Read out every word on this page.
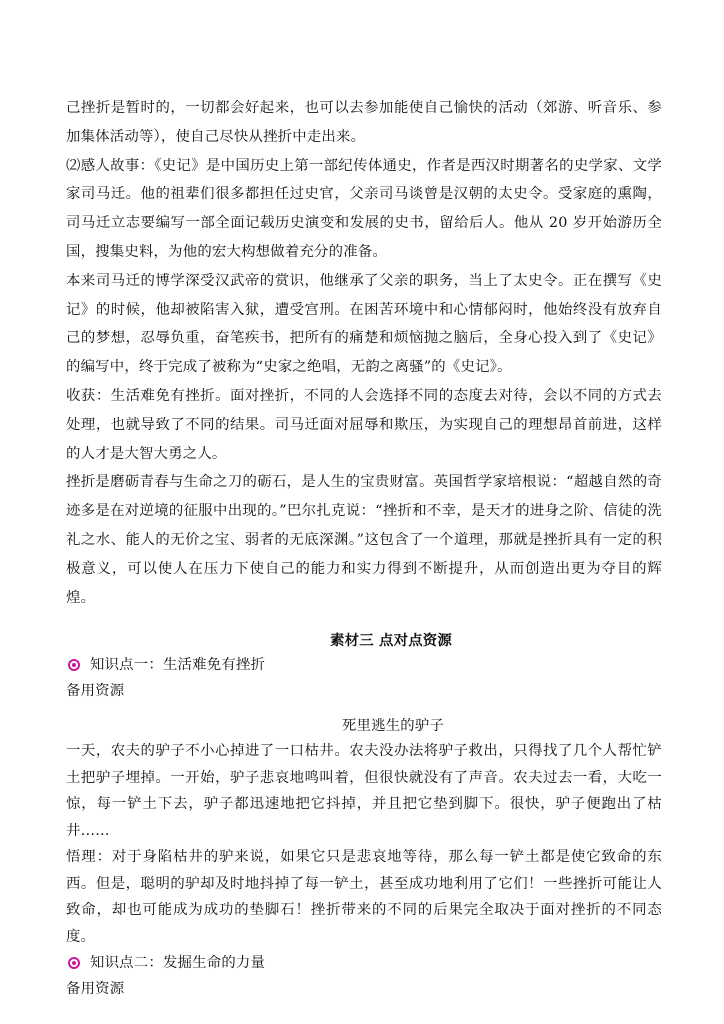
己挫折是暂时的，一切都会好起来，也可以去参加能使自己愉快的活动（郊游、听音乐、参加集体活动等），使自己尽快从挫折中走出来。

⑵感人故事：《史记》是中国历史上第一部纪传体通史，作者是西汉时期著名的史学家、文学家司马迁。他的祖辈们很多都担任过史官，父亲司马谈曾是汉朝的太史令。受家庭的熏陶，司马迁立志要编写一部全面记载历史演变和发展的史书，留给后人。他从 20 岁开始游历全国，搜集史料，为他的宏大构想做着充分的准备。

本来司马迁的博学深受汉武帝的赏识，他继承了父亲的职务，当上了太史令。正在撰写《史记》的时候，他却被陷害入狱，遭受宫刑。在困苦环境中和心情郁闷时，他始终没有放弃自己的梦想，忍辱负重，奋笔疾书，把所有的痛楚和烦恼抛之脑后，全身心投入到了《史记》的编写中，终于完成了被称为“史家之绝唱，无韵之离骚”的《史记》。

收获：生活难免有挫折。面对挫折，不同的人会选择不同的态度去对待，会以不同的方式去处理，也就导致了不同的结果。司马迁面对屈辱和欺压，为实现自己的理想昂首前进，这样的人才是大智大勇之人。

挫折是磨砺青春与生命之刀的砺石，是人生的宝贵财富。英国哲学家培根说：“超越自然的奇迹多是在对逆境的征服中出现的。”巴尔扎克说：“挫折和不幸，是天才的进身之阶、信徒的洗礼之水、能人的无价之宝、弱者的无底深渊。”这包含了一个道理，那就是挫折具有一定的积极意义，可以使人在压力下使自己的能力和实力得到不断提升，从而创造出更为夺目的辉煌。

素材三 点对点资源
知识点一：生活难免有挫折

备用资源

死里逃生的驴子

一天，农夫的驴子不小心掉进了一口枯井。农夫没办法将驴子救出，只得找了几个人帮忙铲土把驴子埋掉。一开始，驴子悲哀地鸣叫着，但很快就没有了声音。农夫过去一看，大吃一惊，每一铲土下去，驴子都迅速地把它抖掉，并且把它垫到脚下。很快，驴子便跑出了枯井……

悟理：对于身陷枯井的驴来说，如果它只是悲哀地等待，那么每一铲土都是使它致命的东西。但是，聪明的驴却及时地抖掉了每一铲土，甚至成功地利用了它们！一些挫折可能让人致命，却也可能成为成功的垫脚石！挫折带来的不同的后果完全取决于面对挫折的不同态度。

知识点二：发掘生命的力量

备用资源
